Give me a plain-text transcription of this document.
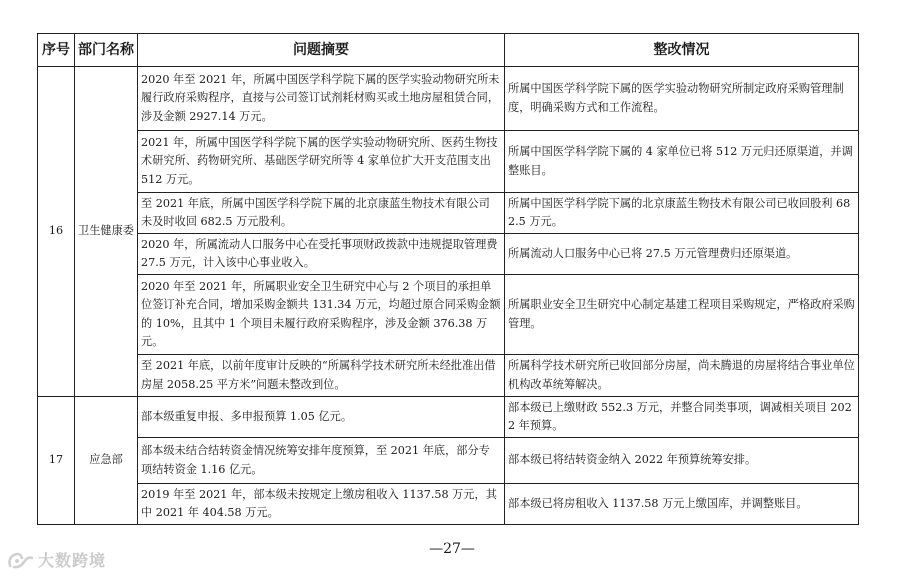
序号	部门名称	问题摘要	整改情况
16	卫生健康委	2020 年至 2021 年，所属中国医学科学院下属的医学实验动物研究所未履行政府采购程序，直接与公司签订试剂耗材购买或土地房屋租赁合同，涉及金额 2927.14 万元。	所属中国医学科学院下属的医学实验动物研究所制定政府采购管理制度，明确采购方式和工作流程。
		2021 年，所属中国医学科学院下属的医学实验动物研究所、医药生物技术研究所、药物研究所、基础医学研究所等 4 家单位扩大开支范围支出 512 万元。	所属中国医学科学院下属的 4 家单位已将 512 万元归还原渠道，并调整账目。
		至 2021 年底，所属中国医学科学院下属的北京康蓝生物技术有限公司未及时收回 682.5 万元股利。	所属中国医学科学院下属的北京康蓝生物技术有限公司已收回股利 682.5 万元。
		2020 年，所属流动人口服务中心在受托事项财政拨款中违规提取管理费 27.5 万元，计入该中心事业收入。	所属流动人口服务中心已将 27.5 万元管理费归还原渠道。
		2020 年至 2021 年，所属职业安全卫生研究中心与 2 个项目的承担单位签订补充合同，增加采购金额共 131.34 万元，均超过原合同采购金额的 10%，且其中 1 个项目未履行政府采购程序，涉及金额 376.38 万元。	所属职业安全卫生研究中心制定基建工程项目采购规定，严格政府采购管理。
		至 2021 年底，以前年度审计反映的“所属科学技术研究所未经批准出借房屋 2058.25 平方米”问题未整改到位。	所属科学技术研究所已收回部分房屋，尚未腾退的房屋将结合事业单位机构改革统筹解决。
17	应急部	部本级重复申报、多申报预算 1.05 亿元。	部本级已上缴财政 552.3 万元，并整合同类事项，调减相关项目 2022 年预算。
		部本级未结合结转资金情况统筹安排年度预算，至 2021 年底，部分专项结转资金 1.16 亿元。	部本级已将结转资金纳入 2022 年预算统筹安排。
		2019 年至 2021 年，部本级未按规定上缴房租收入 1137.58 万元，其中 2021 年 404.58 万元。	部本级已将房租收入 1137.58 万元上缴国库，并调整账目。
—27—
大数跨境
